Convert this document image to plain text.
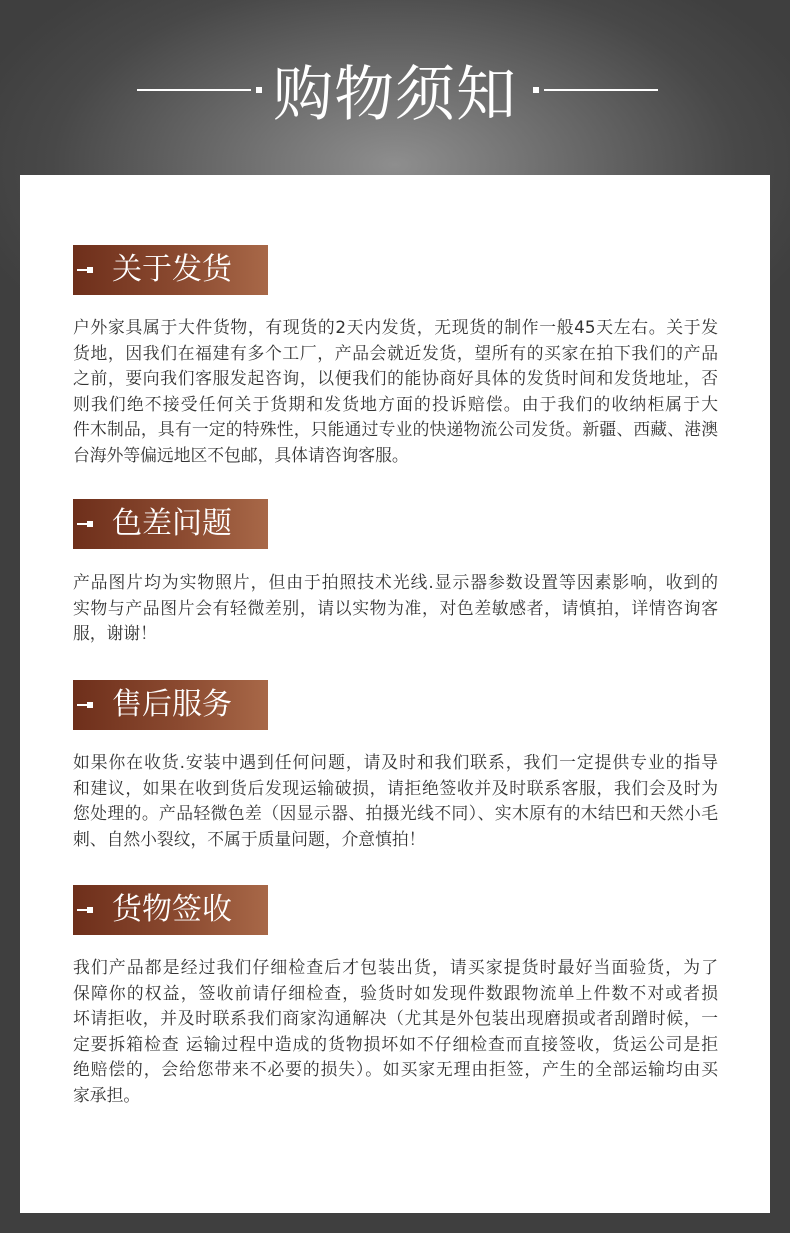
购物须知
关于发货
户外家具属于大件货物，有现货的2天内发货，无现货的制作一般45天左右。关于发
货地，因我们在福建有多个工厂，产品会就近发货，望所有的买家在拍下我们的产品
之前，要向我们客服发起咨询，以便我们的能协商好具体的发货时间和发货地址，否
则我们绝不接受任何关于货期和发货地方面的投诉赔偿。由于我们的收纳柜属于大
件木制品，具有一定的特殊性，只能通过专业的快递物流公司发货。新疆、西藏、港澳
台海外等偏远地区不包邮，具体请咨询客服。
色差问题
产品图片均为实物照片，但由于拍照技术光线.显示器参数设置等因素影响，收到的
实物与产品图片会有轻微差别，请以实物为准，对色差敏感者，请慎拍，详情咨询客
服，谢谢！
售后服务
如果你在收货.安装中遇到任何问题，请及时和我们联系，我们一定提供专业的指导
和建议，如果在收到货后发现运输破损，请拒绝签收并及时联系客服，我们会及时为
您处理的。产品轻微色差（因显示器、拍摄光线不同）、实木原有的木结巴和天然小毛
刺、自然小裂纹，不属于质量问题，介意慎拍！
货物签收
我们产品都是经过我们仔细检查后才包装出货，请买家提货时最好当面验货，为了
保障你的权益，签收前请仔细检查，验货时如发现件数跟物流单上件数不对或者损
坏请拒收，并及时联系我们商家沟通解决（尤其是外包装出现磨损或者刮蹭时候，一
定要拆箱检查 运输过程中造成的货物损坏如不仔细检查而直接签收，货运公司是拒
绝赔偿的，会给您带来不必要的损失）。如买家无理由拒签，产生的全部运输均由买
家承担。
